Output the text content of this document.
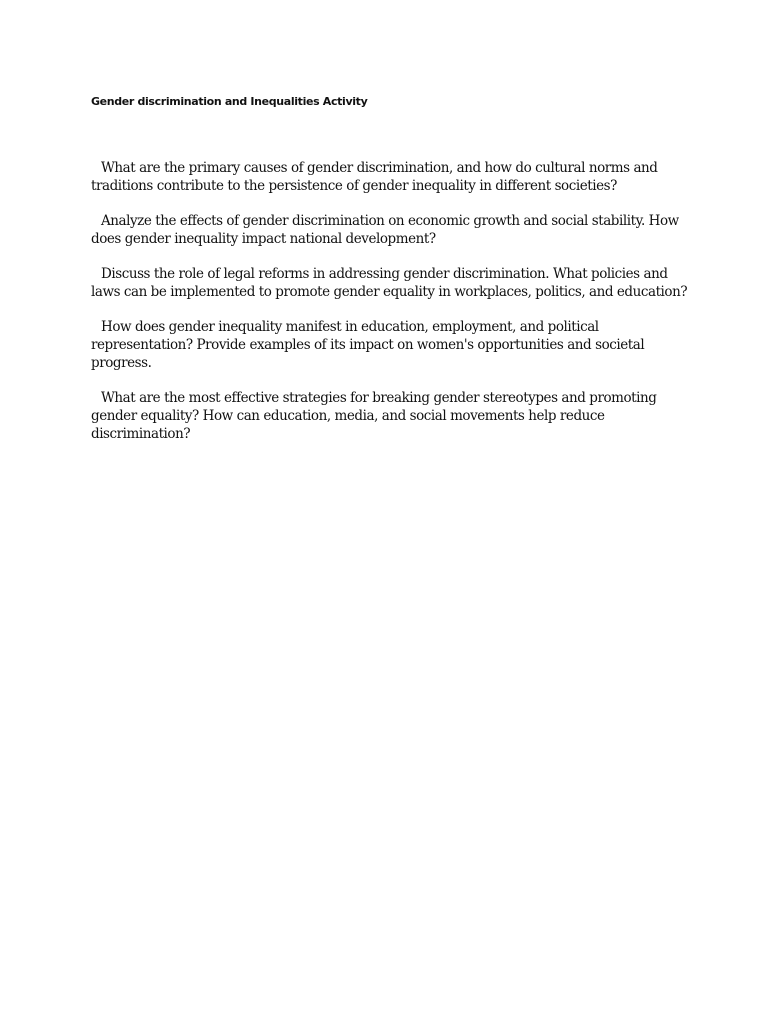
Gender discrimination and Inequalities Activity
What are the primary causes of gender discrimination, and how do cultural norms and traditions contribute to the persistence of gender inequality in different societies?
Analyze the effects of gender discrimination on economic growth and social stability. How does gender inequality impact national development?
Discuss the role of legal reforms in addressing gender discrimination. What policies and laws can be implemented to promote gender equality in workplaces, politics, and education?
How does gender inequality manifest in education, employment, and political representation? Provide examples of its impact on women's opportunities and societal progress.
What are the most effective strategies for breaking gender stereotypes and promoting gender equality? How can education, media, and social movements help reduce discrimination?
